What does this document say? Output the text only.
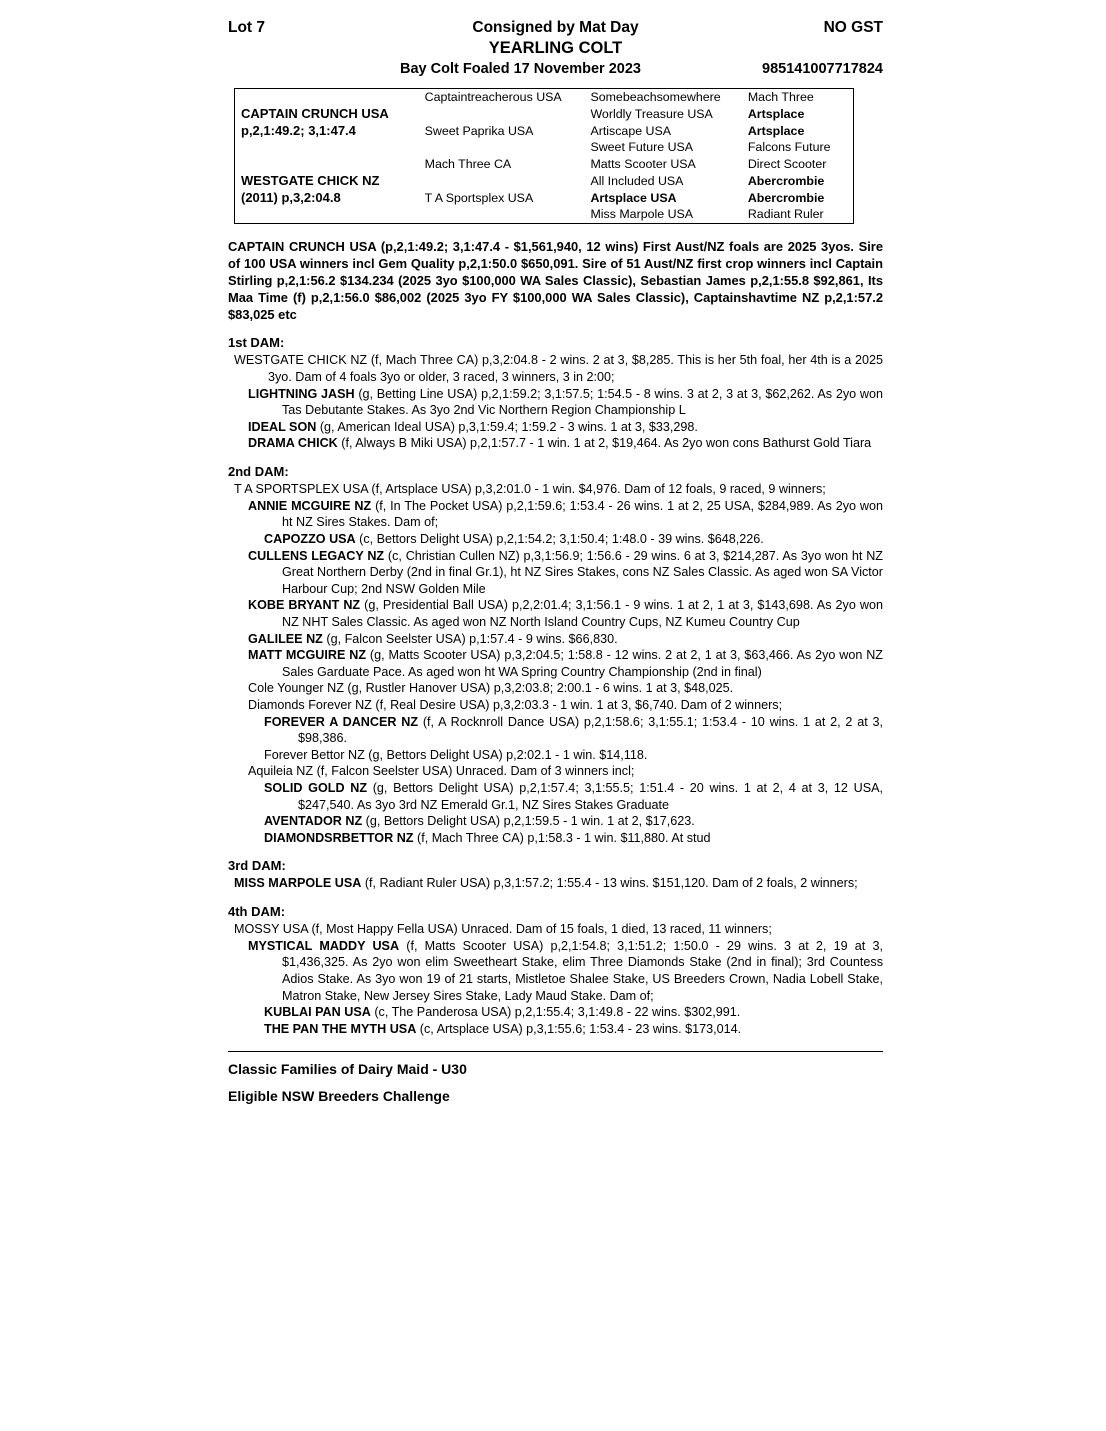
Lot 7	Consigned by Mat Day	NO GST
YEARLING COLT
Bay Colt Foaled 17 November 2023	985141007717824
	Captaintreacherous USA	Somebeachsomewhere	Mach Three
CAPTAIN CRUNCH USA		Worldly Treasure USA	Artsplace
p,2,1:49.2; 3,1:47.4	Sweet Paprika USA	Artiscape USA	Artsplace
		Sweet Future USA	Falcons Future
	Mach Three CA	Matts Scooter USA	Direct Scooter
WESTGATE CHICK NZ		All Included USA	Abercrombie
(2011) p,3,2:04.8	T A Sportsplex USA	Artsplace USA	Abercrombie
		Miss Marpole USA	Radiant Ruler
CAPTAIN CRUNCH USA (p,2,1:49.2; 3,1:47.4 - $1,561,940, 12 wins) First Aust/NZ foals are 2025 3yos. Sire of 100 USA winners incl Gem Quality p,2,1:50.0 $650,091. Sire of 51 Aust/NZ first crop winners incl Captain Stirling p,2,1:56.2 $134.234 (2025 3yo $100,000 WA Sales Classic), Sebastian James p,2,1:55.8 $92,861, Its Maa Time (f) p,2,1:56.0 $86,002 (2025 3yo FY $100,000 WA Sales Classic), Captainshavtime NZ p,2,1:57.2 $83,025 etc
1st DAM:
WESTGATE CHICK NZ (f, Mach Three CA) p,3,2:04.8 - 2 wins. 2 at 3, $8,285. This is her 5th foal, her 4th is a 2025 3yo. Dam of 4 foals 3yo or older, 3 raced, 3 winners, 3 in 2:00;
LIGHTNING JASH (g, Betting Line USA) p,2,1:59.2; 3,1:57.5; 1:54.5 - 8 wins. 3 at 2, 3 at 3, $62,262. As 2yo won Tas Debutante Stakes. As 3yo 2nd Vic Northern Region Championship L
IDEAL SON (g, American Ideal USA) p,3,1:59.4; 1:59.2 - 3 wins. 1 at 3, $33,298.
DRAMA CHICK (f, Always B Miki USA) p,2,1:57.7 - 1 win. 1 at 2, $19,464. As 2yo won cons Bathurst Gold Tiara
2nd DAM:
T A SPORTSPLEX USA (f, Artsplace USA) p,3,2:01.0 - 1 win. $4,976. Dam of 12 foals, 9 raced, 9 winners;
ANNIE MCGUIRE NZ (f, In The Pocket USA) p,2,1:59.6; 1:53.4 - 26 wins. 1 at 2, 25 USA, $284,989. As 2yo won ht NZ Sires Stakes. Dam of;
CAPOZZO USA (c, Bettors Delight USA) p,2,1:54.2; 3,1:50.4; 1:48.0 - 39 wins. $648,226.
CULLENS LEGACY NZ (c, Christian Cullen NZ) p,3,1:56.9; 1:56.6 - 29 wins. 6 at 3, $214,287. As 3yo won ht NZ Great Northern Derby (2nd in final Gr.1), ht NZ Sires Stakes, cons NZ Sales Classic. As aged won SA Victor Harbour Cup; 2nd NSW Golden Mile
KOBE BRYANT NZ (g, Presidential Ball USA) p,2,2:01.4; 3,1:56.1 - 9 wins. 1 at 2, 1 at 3, $143,698. As 2yo won NZ NHT Sales Classic. As aged won NZ North Island Country Cups, NZ Kumeu Country Cup
GALILEE NZ (g, Falcon Seelster USA) p,1:57.4 - 9 wins. $66,830.
MATT MCGUIRE NZ (g, Matts Scooter USA) p,3,2:04.5; 1:58.8 - 12 wins. 2 at 2, 1 at 3, $63,466. As 2yo won NZ Sales Garduate Pace. As aged won ht WA Spring Country Championship (2nd in final)
Cole Younger NZ (g, Rustler Hanover USA) p,3,2:03.8; 2:00.1 - 6 wins. 1 at 3, $48,025.
Diamonds Forever NZ (f, Real Desire USA) p,3,2:03.3 - 1 win. 1 at 3, $6,740. Dam of 2 winners;
FOREVER A DANCER NZ (f, A Rocknroll Dance USA) p,2,1:58.6; 3,1:55.1; 1:53.4 - 10 wins. 1 at 2, 2 at 3, $98,386.
Forever Bettor NZ (g, Bettors Delight USA) p,2:02.1 - 1 win. $14,118.
Aquileia NZ (f, Falcon Seelster USA) Unraced. Dam of 3 winners incl;
SOLID GOLD NZ (g, Bettors Delight USA) p,2,1:57.4; 3,1:55.5; 1:51.4 - 20 wins. 1 at 2, 4 at 3, 12 USA, $247,540. As 3yo 3rd NZ Emerald Gr.1, NZ Sires Stakes Graduate
AVENTADOR NZ (g, Bettors Delight USA) p,2,1:59.5 - 1 win. 1 at 2, $17,623.
DIAMONDSRBETTOR NZ (f, Mach Three CA) p,1:58.3 - 1 win. $11,880. At stud
3rd DAM:
MISS MARPOLE USA (f, Radiant Ruler USA) p,3,1:57.2; 1:55.4 - 13 wins. $151,120. Dam of 2 foals, 2 winners;
4th DAM:
MOSSY USA (f, Most Happy Fella USA) Unraced. Dam of 15 foals, 1 died, 13 raced, 11 winners;
MYSTICAL MADDY USA (f, Matts Scooter USA) p,2,1:54.8; 3,1:51.2; 1:50.0 - 29 wins. 3 at 2, 19 at 3, $1,436,325. As 2yo won elim Sweetheart Stake, elim Three Diamonds Stake (2nd in final); 3rd Countess Adios Stake. As 3yo won 19 of 21 starts, Mistletoe Shalee Stake, US Breeders Crown, Nadia Lobell Stake, Matron Stake, New Jersey Sires Stake, Lady Maud Stake. Dam of;
KUBLAI PAN USA (c, The Panderosa USA) p,2,1:55.4; 3,1:49.8 - 22 wins. $302,991.
THE PAN THE MYTH USA (c, Artsplace USA) p,3,1:55.6; 1:53.4 - 23 wins. $173,014.
Classic Families of Dairy Maid - U30
Eligible NSW Breeders Challenge
